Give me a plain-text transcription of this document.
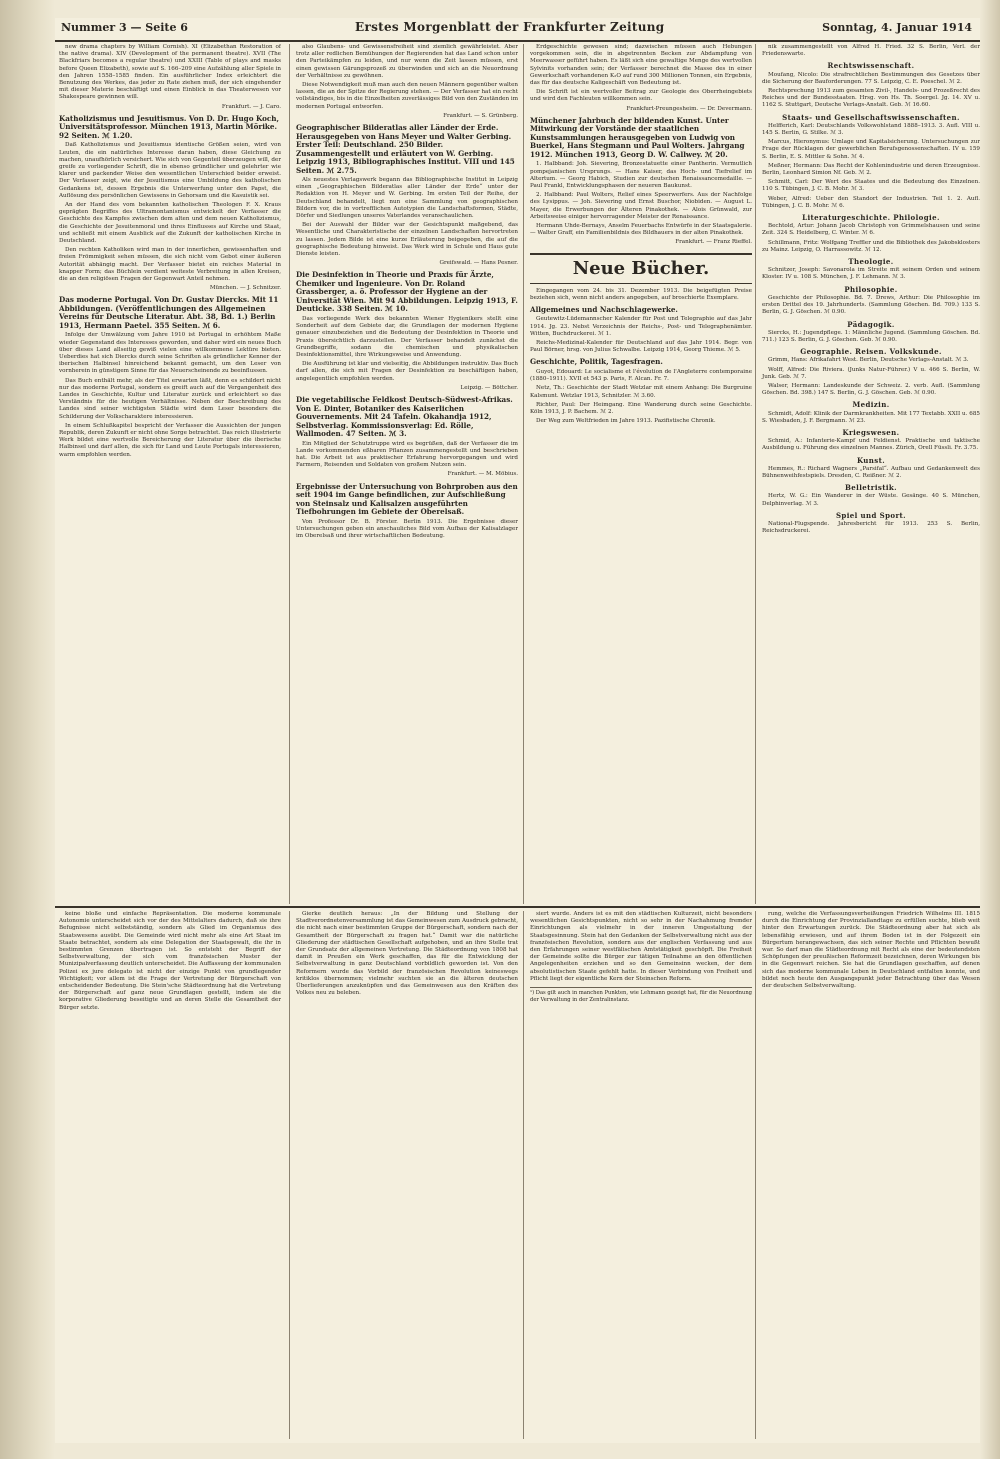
Nummer 3 — Seite 6	Erstes Morgenblatt der Frankfurter Zeitung	Sonntag, 4. Januar 1914

new drama chapters by William Cornish). XI (Elizabethan Restoration of the native drama). XIV (Development of the permanent theatre). XVII (The Blackfriars becomes a regular theatre) und XXIII (Table of plays and masks before Queen Elizabeth), sowie auf S. 166–209 eine Aufzählung aller Spiele in den Jahren 1558–1585 finden. Ein ausführlicher Index erleichtert die Benutzung des Werkes, das jeder zu Rate ziehen muß, der sich eingehender mit dieser Materie beschäftigt und einen Einblick in das Theaterwesen vor Shakespeare gewinnen will.

Frankfurt. — J. Caro.
Katholizismus und Jesuitismus. Von D. Dr. Hugo Koch, Universitätsprofessor. München 1913, Martin Mörike. 92 Seiten. ℳ 1.20.

Daß Katholizismus und Jesuitismus identische Größen seien, wird von Leuten, die ein natürliches Interesse daran haben, diese Gleichung zu machen, unaufhörlich versichert. Wie sich von Gegenteil überzeugen will, der greife zu vorliegender Schrift, die in ebenso gründlicher und gelehrter wie klarer und packender Weise den wesentlichen Unterschied beider erweist. Der Verfasser zeigt, wie der Jesuitismus eine Umbildung des katholischen Gedankens ist, dessen Ergebnis die Unterwerfung unter den Papst, die Auflösung des persönlichen Gewissens in Gehorsam und die Kasuistik sei.

An der Hand des vom bekannten katholischen Theologen F. X. Kraus geprägten Begriffes des Ultramontanismus entwickelt der Verfasser die Geschichte des Kampfes zwischen dem alten und dem neuen Katholizismus, die Geschichte der Jesuitenmoral und ihres Einflusses auf Kirche und Staat, und schließt mit einem Ausblick auf die Zukunft der katholischen Kirche in Deutschland.

Den rechten Katholiken wird man in der innerlichen, gewissenhaften und freien Frömmigkeit sehen müssen, die sich nicht vom Gebot einer äußeren Autorität abhängig macht. Der Verfasser bietet ein reiches Material in knapper Form; das Büchlein verdient weiteste Verbreitung in allen Kreisen, die an den religiösen Fragen der Gegenwart Anteil nehmen.

München. — J. Schnitzer.
Das moderne Portugal. Von Dr. Gustav Diercks. Mit 11 Abbildungen. (Veröffentlichungen des Allgemeinen Vereins für Deutsche Literatur. Abt. 38, Bd. 1.) Berlin 1913, Hermann Paetel. 355 Seiten. ℳ 6.

Infolge der Umwälzung vom Jahre 1910 ist Portugal in erhöhtem Maße wieder Gegenstand des Interesses geworden, und daher wird ein neues Buch über dieses Land allseitig gewiß vielen eine willkommene Lektüre bieten. Ueberdies hat sich Diercks durch seine Schriften als gründlicher Kenner der iberischen Halbinsel hinreichend bekannt gemacht, um den Leser von vornherein in günstigem Sinne für das Neuerscheinende zu beeinflussen.

Das Buch enthält mehr, als der Titel erwarten läßt, denn es schildert nicht nur das moderne Portugal, sondern es greift auch auf die Vergangenheit des Landes in Geschichte, Kultur und Literatur zurück und erleichtert so das Verständnis für die heutigen Verhältnisse. Neben der Beschreibung des Landes sind seiner wichtigsten Städte wird dem Leser besonders die Schilderung der Volkscharaktere interessieren.

In einem Schlußkapitel bespricht der Verfasser die Aussichten der jungen Republik, deren Zukunft er nicht ohne Sorge betrachtet. Das reich illustrierte Werk bildet eine wertvolle Bereicherung der Literatur über die iberische Halbinsel und darf allen, die sich für Land und Leute Portugals interessieren, warm empfohlen werden.

also Glaubens- und Gewissensfreiheit sind ziemlich gewährleistet. Aber trotz aller redlichen Bemühungen der Regierenden hat das Land schon unter den Parteikämpfen zu leiden, und nur wenn die Zeit lassen müssen, erst einen gewissen Gärungsprozeß zu überwinden und sich an die Neuordnung der Verhältnisse zu gewöhnen.

Diese Notwendigkeit muß man auch den neuen Männern gegenüber walten lassen, die an der Spitze der Regierung stehen. — Der Verfasser hat ein recht vollständiges, bis in die Einzelheiten zuverlässiges Bild von den Zuständen im modernen Portugal entworfen.

Frankfurt. — S. Grünberg.
Geographischer Bilderatlas aller Länder der Erde. Herausgegeben von Hans Meyer und Walter Gerbing. Erster Teil: Deutschland. 250 Bilder. Zusammengestellt und erläutert von W. Gerbing. Leipzig 1913, Bibliographisches Institut. VIII und 145 Seiten. ℳ 2.75.

Als neuestes Verlagswerk begann das Bibliographische Institut in Leipzig einen „Geographischen Bilderatlas aller Länder der Erde“ unter der Redaktion von H. Meyer und W. Gerbing. Im ersten Teil der Reihe, der Deutschland behandelt, liegt nun eine Sammlung von geographischen Bildern vor, die in vortrefflichen Autotypien die Landschaftsformen, Städte, Dörfer und Siedlungen unseres Vaterlandes veranschaulichen.

Bei der Auswahl der Bilder war der Gesichtspunkt maßgebend, das Wesentliche und Charakteristische der einzelnen Landschaften hervortreten zu lassen. Jedem Bilde ist eine kurze Erläuterung beigegeben, die auf die geographische Bedeutung hinweist. Das Werk wird in Schule und Haus gute Dienste leisten.

Greifswald. — Hans Pesner.
Die Desinfektion in Theorie und Praxis für Ärzte, Chemiker und Ingenieure. Von Dr. Roland Grassberger, a. ö. Professor der Hygiene an der Universität Wien. Mit 94 Abbildungen. Leipzig 1913, F. Deuticke. 338 Seiten. ℳ 10.

Das vorliegende Werk des bekannten Wiener Hygienikers stellt eine Sonderheit auf dem Gebiete dar, die Grundlagen der modernen Hygiene genauer einzubeziehen und die Bedeutung der Desinfektion in Theorie und Praxis übersichtlich darzustellen. Der Verfasser behandelt zunächst die Grundbegriffe, sodann die chemischen und physikalischen Desinfektionsmittel, ihre Wirkungsweise und Anwendung.

Die Ausführung ist klar und vielseitig, die Abbildungen instruktiv. Das Buch darf allen, die sich mit Fragen der Desinfektion zu beschäftigen haben, angelegentlich empfohlen werden.

Leipzig. — Böttcher.
Die vegetabilische Feldkost Deutsch-Südwest-Afrikas. Von E. Dinter, Botaniker des Kaiserlichen Gouvernements. Mit 24 Tafeln. Okahandja 1912, Selbstverlag. Kommissionsverlag: Ed. Rölle, Wallmoden. 47 Seiten. ℳ 3.

Ein Mitglied der Schutztruppe wird es begrüßen, daß der Verfasser die im Lande vorkommenden eßbaren Pflanzen zusammengestellt und beschrieben hat. Die Arbeit ist aus praktischer Erfahrung hervorgegangen und wird Farmern, Reisenden und Soldaten von großem Nutzen sein.

Frankfurt. — M. Möbius.
Ergebnisse der Untersuchung von Bohrproben aus den seit 1904 im Gange befindlichen, zur Aufschließung von Steinsalz und Kalisalzen ausgeführten Tiefbohrungen im Gebiete der Oberelsaß.

Von Professor Dr. B. Förster. Berlin 1913. Die Ergebnisse dieser Untersuchungen geben ein anschauliches Bild vom Aufbau der Kalisalzlager im Oberelsaß und ihrer wirtschaftlichen Bedeutung.

Erdgeschichte gewesen sind; dazwischen müssen auch Hebungen vorgekommen sein, die in abgetrennten Becken zur Abdampfung von Meerwasser geführt haben. Es läßt sich eine gewaltige Menge des wertvollen Sylvinits vorhanden sein; der Verfasser berechnet die Masse des in einer Gewerkschaft vorhandenen K₂O auf rund 300 Millionen Tonnen, ein Ergebnis, das für das deutsche Kaligeschäft von Bedeutung ist.

Die Schrift ist ein wertvoller Beitrag zur Geologie des Oberrheingebiets und wird den Fachleuten willkommen sein.

Frankfurt-Preungesheim. — Dr. Devermann.
Münchener Jahrbuch der bildenden Kunst. Unter Mitwirkung der Vorstände der staatlichen Kunstsammlungen herausgegeben von Ludwig von Buerkel, Hans Stegmann und Paul Wolters. Jahrgang 1912. München 1913, Georg D. W. Callwey. ℳ 20.

1. Halbband: Joh. Sievering, Bronzestatuette einer Pantherin. Vermutlich pompejanischen Ursprungs. — Hans Kaiser, das Hoch- und Tiefrelief im Altertum. — Georg Habich, Studien zur deutschen Renaissancemedaille. — Paul Frankl, Entwicklungsphasen der neueren Baukunst.

2. Halbband: Paul Wolters, Relief eines Speerwerfers. Aus der Nachfolge des Lysippus. — Joh. Sievering und Ernst Buschor, Niobiden. — August L. Mayer, die Erwerbungen der Älteren Pinakothek. — Alois Grünwald, zur Arbeitsweise einiger hervorragender Meister der Renaissance.

Hermann Uhde-Bernays, Anselm Feuerbachs Entwürfe in der Staatsgalerie. — Walter Graff, ein Familienbildnis des Bildhauers in der alten Pinakothek.

Frankfurt. — Franz Rieffel.
Neue Bücher.

Eingegangen vom 24. bis 31. Dezember 1913. Die beigefügten Preise beziehen sich, wenn nicht anders angegeben, auf broschierte Exemplare.

Allgemeines und Nachschlagewerke.

Geutewitz-Lüdemannscher Kalender für Post und Telegraphie auf das Jahr 1914. Jg. 23. Nebst Verzeichnis der Reichs-, Post- und Telegraphenämter. Witten, Buchdruckerei. ℳ 1.

Reichs-Medizinal-Kalender für Deutschland auf das Jahr 1914. Begr. von Paul Börner, hrsg. von Julius Schwalbe. Leipzig 1914, Georg Thieme. ℳ 5.

Geschichte, Politik, Tagesfragen.

Guyot, Edouard: Le socialisme et l'évolution de l'Angleterre contemporaine (1880–1911). XVII et 543 p. Paris, F. Alcan. Fr. 7.

Netz, Th.: Geschichte der Stadt Wetzlar mit einem Anhang: Die Burgruine Kalsmunt. Wetzlar 1913, Schnitzler. ℳ 3.60.

Richter, Paul: Der Heimgang. Eine Wanderung durch seine Geschichte. Köln 1913, J. P. Bachem. ℳ 2.

Der Weg zum Weltfrieden im Jahre 1913. Pazifistische Chronik.

nik zusammengestellt von Alfred H. Fried. 32 S. Berlin, Verl. der Friedenswarte.

Rechtswissenschaft.

Moufang, Nicolo: Die strafrechtlichen Bestimmungen des Gesetzes über die Sicherung der Bauforderungen. 77 S. Leipzig, C. E. Poeschel. ℳ 2.

Rechtsprechung 1913 zum gesamten Zivil-, Handels- und Prozeßrecht des Reiches und der Bundesstaaten. Hrsg. von Hs. Th. Soergel. Jg. 14. XV u. 1162 S. Stuttgart, Deutsche Verlags-Anstalt. Geb. ℳ 16.60.

Staats- und Gesellschaftswissenschaften.

Helfferich, Karl: Deutschlands Volkswohlstand 1888–1913. 3. Aufl. VIII u. 145 S. Berlin, G. Stilke. ℳ 3.

Marcus, Hieronymus: Umlage und Kapitalsicherung. Untersuchungen zur Frage der Rücklagen der gewerblichen Berufsgenossenschaften. IV u. 159 S. Berlin, E. S. Mittler & Sohn. ℳ 4.

Meßner, Hermann: Das Recht der Kohlenindustrie und deren Erzeugnisse. Berlin, Leonhard Simion Nf. Geb. ℳ 2.

Schmitt, Carl: Der Wert des Staates und die Bedeutung des Einzelnen. 110 S. Tübingen, J. C. B. Mohr. ℳ 3.

Weber, Alfred: Ueber den Standort der Industrien. Teil 1. 2. Aufl. Tübingen, J. C. B. Mohr. ℳ 6.

Literaturgeschichte. Philologie.

Bechtold, Artur: Johann Jacob Christoph von Grimmelshausen und seine Zeit. 324 S. Heidelberg, C. Winter. ℳ 6.

Schillmann, Fritz: Wolfgang Treffler und die Bibliothek des Jakobsklosters zu Mainz. Leipzig, O. Harrassowitz. ℳ 12.

Theologie.

Schnitzer, Joseph: Savonarola im Streite mit seinem Orden und seinem Kloster. IV u. 108 S. München, J. F. Lehmann. ℳ 3.

Philosophie.

Geschichte der Philosophie. Bd. 7. Drews, Arthur: Die Philosophie im ersten Drittel des 19. Jahrhunderts. (Sammlung Göschen. Bd. 709.) 133 S. Berlin, G. J. Göschen. ℳ 0.90.

Pädagogik.

Siercks, H.: Jugendpflege. 1: Männliche Jugend. (Sammlung Göschen. Bd. 711.) 123 S. Berlin, G. J. Göschen. Geb. ℳ 0.90.

Geographie. Reisen. Volkskunde.

Grimm, Hans: Afrikafahrt West. Berlin, Deutsche Verlags-Anstalt. ℳ 3.

Wolff, Alfred: Die Riviera. (Junks Natur-Führer.) V u. 466 S. Berlin, W. Junk. Geb. ℳ 7.

Walser, Hermann: Landeskunde der Schweiz. 2. verb. Aufl. (Sammlung Göschen. Bd. 398.) 147 S. Berlin, G. J. Göschen. Geb. ℳ 0.90.

Medizin.

Schmidt, Adolf: Klinik der Darmkrankheiten. Mit 177 Textabb. XXII u. 685 S. Wiesbaden, J. F. Bergmann. ℳ 23.

Kriegswesen.

Schmid, A.: Infanterie-Kampf und Feldienst. Praktische und taktische Ausbildung u. Führung des einzelnen Mannes. Zürich, Orell Füssli. Fr. 3.75.

Kunst.

Hemmes, R.: Richard Wagners „Parsifal“. Aufbau und Gedankenwelt des Bühnenweihfestspiels. Dresden, C. Reißner. ℳ 2.

Belletristik.

Hertz, W. G.: Ein Wanderer in der Wüste. Gesänge. 40 S. München, Delphinverlag. ℳ 3.

Spiel und Sport.

National-Flugspende. Jahresbericht für 1913. 253 S. Berlin, Reichsdruckerei.

keine bloße und einfache Repräsentation. Die moderne kommunale Autonomie unterscheidet sich vor der des Mittelalters dadurch, daß sie ihre Befugnisse nicht selbstständig, sondern als Glied im Organismus des Staatswesens ausübt. Die Gemeinde wird nicht mehr als eine Art Staat im Staate betrachtet, sondern als eine Delegation der Staatsgewalt, die ihr in bestimmten Grenzen übertragen ist. So entsteht der Begriff der Selbstverwaltung, der sich vom französischen Muster der Munizipalverfassung deutlich unterscheidet. Die Auffassung der kommunalen Polizei ex jure delegato ist nicht der einzige Punkt von grundlegender Wichtigkeit; vor allem ist die Frage der Vertretung der Bürgerschaft von entscheidender Bedeutung. Die Stein'sche Städteordnung hat die Vertretung der Bürgerschaft auf ganz neue Grundlagen gestellt, indem sie die korporative Gliederung beseitigte und an deren Stelle die Gesamtheit der Bürger setzte.

Gierke deutlich heraus: „In der Bildung und Stellung der Stadtverordnetenversammlung ist das Gemeinwesen zum Ausdruck gebracht, die nicht nach einer bestimmten Gruppe der Bürgerschaft, sondern nach der Gesamtheit der Bürgerschaft zu fragen hat.“ Damit war die natürliche Gliederung der städtischen Gesellschaft aufgehoben, und an ihre Stelle trat der Grundsatz der allgemeinen Vertretung. Die Städteordnung von 1808 hat damit in Preußen ein Werk geschaffen, das für die Entwicklung der Selbstverwaltung in ganz Deutschland vorbildlich geworden ist. Von den Reformern wurde das Vorbild der französischen Revolution keineswegs kritiklos übernommen; vielmehr suchten sie an die älteren deutschen Überlieferungen anzuknüpfen und das Gemeinwesen aus den Kräften des Volkes neu zu beleben.

siert wurde. Anders ist es mit den städtischen Kulturzeit, nicht besonders wesentlichen Gesichtspunkten, nicht so sehr in der Nachahmung fremder Einrichtungen als vielmehr in der inneren Umgestaltung der Staatsgesinnung. Stein hat den Gedanken der Selbstverwaltung nicht aus der französischen Revolution, sondern aus der englischen Verfassung und aus den Erfahrungen seiner westfälischen Amtstätigkeit geschöpft. Die Freiheit der Gemeinde sollte die Bürger zur tätigen Teilnahme an den öffentlichen Angelegenheiten erziehen und so den Gemeinsinn wecken, der dem absolutistischen Staate gefehlt hatte. In dieser Verbindung von Freiheit und Pflicht liegt der eigentliche Kern der Steinschen Reform.

¹) Das gilt auch in manchen Punkten, wie Lehmann gezeigt hat, für die Neuordnung der Verwaltung in der Zentralinstanz.

rung, welche die Verfassungsverheißungen Friedrich Wilhelms III. 1815 durch die Einrichtung der Provinziallandtage zu erfüllen suchte, blieb weit hinter den Erwartungen zurück. Die Städteordnung aber hat sich als lebensfähig erwiesen, und auf ihrem Boden ist in der Folgezeit ein Bürgertum herangewachsen, das sich seiner Rechte und Pflichten bewußt war. So darf man die Städteordnung mit Recht als eine der bedeutendsten Schöpfungen der preußischen Reformzeit bezeichnen, deren Wirkungen bis in die Gegenwart reichen. Sie hat die Grundlagen geschaffen, auf denen sich das moderne kommunale Leben in Deutschland entfalten konnte, und bildet noch heute den Ausgangspunkt jeder Betrachtung über das Wesen der deutschen Selbstverwaltung.
